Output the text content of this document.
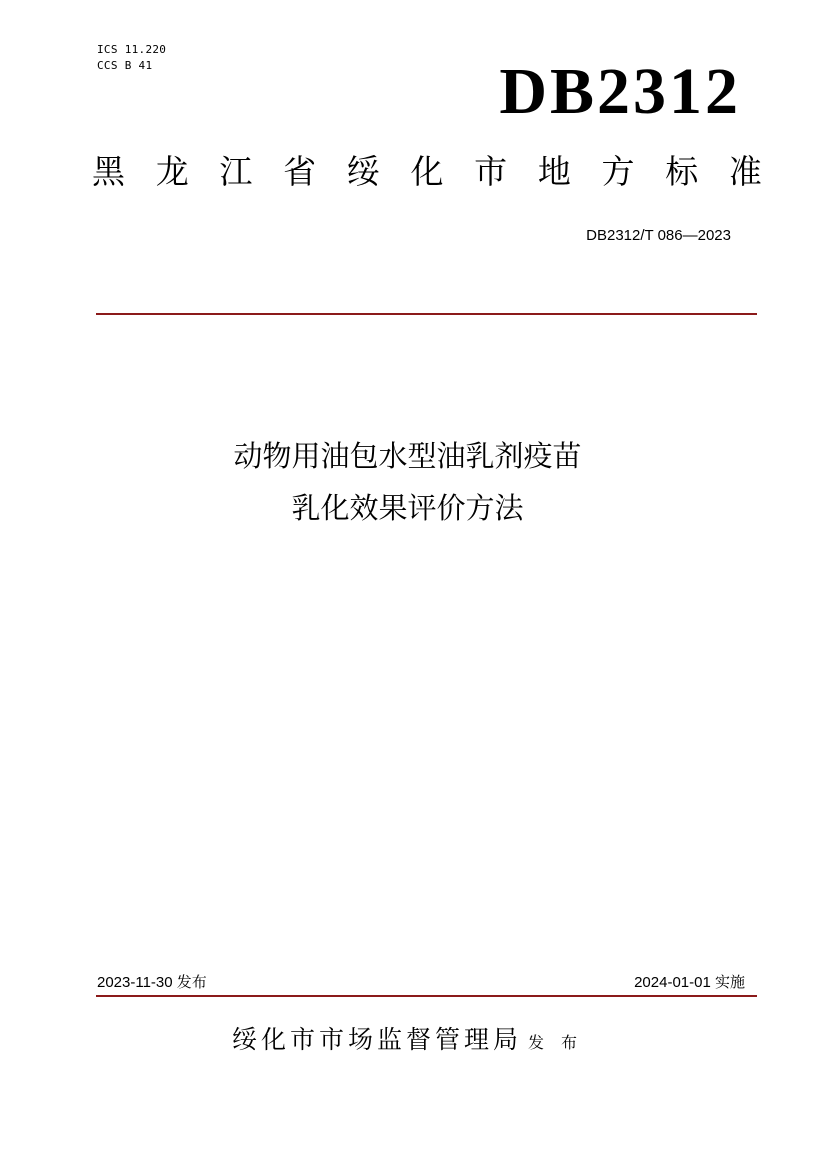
ICS 11.220
CCS B 41	DB2312
黑 龙 江 省 绥 化 市 地 方 标 准
DB2312/T 086—2023
动物用油包水型油乳剂疫苗
乳化效果评价方法
2023-11-30 发布	2024-01-01 实施
绥化市市场监督管理局 发 布
